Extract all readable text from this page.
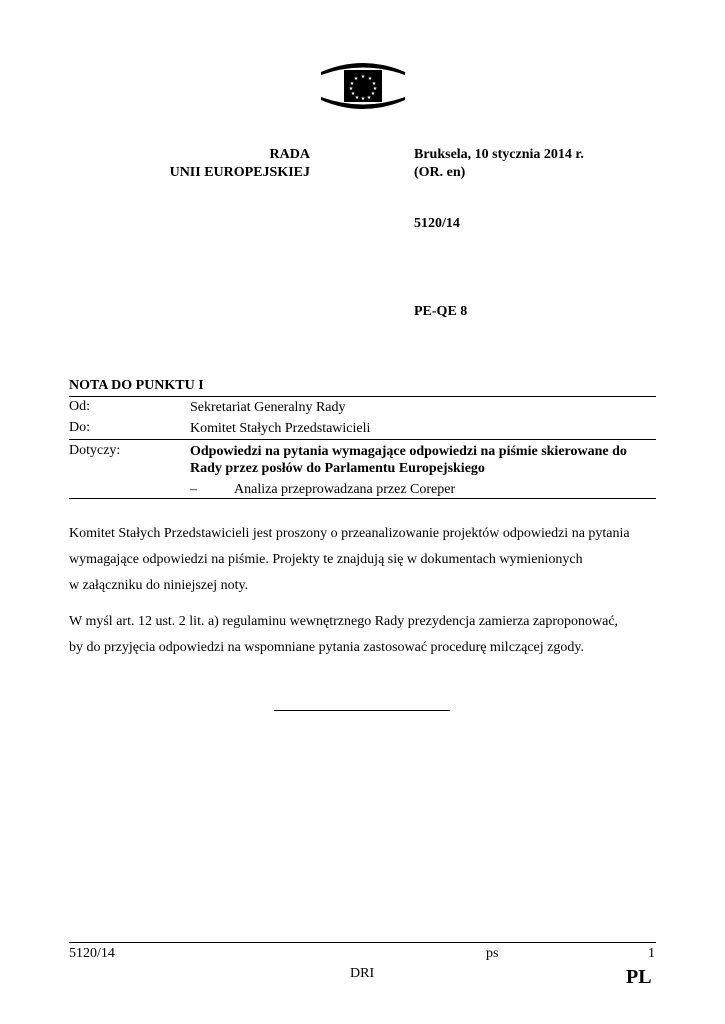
★ ★
★
★
★
★
★
★
★
★
★
★
RADA
UNII EUROPEJSKIEJ
Bruksela, 10 stycznia 2014 r.
(OR. en)
5120/14
PE-QE 8
NOTA DO PUNKTU I
Od:	Sekretariat Generalny Rady
Do:	Komitet Stałych Przedstawicieli
Dotyczy:	Odpowiedzi na pytania wymagające odpowiedzi na piśmie skierowane do
Rady przez posłów do Parlamentu Europejskiego
–	Analiza przeprowadzana przez Coreper
Komitet Stałych Przedstawicieli jest proszony o przeanalizowanie projektów odpowiedzi na pytania
wymagające odpowiedzi na piśmie. Projekty te znajdują się w dokumentach wymienionych
w załączniku do niniejszej noty.
W myśl art. 12 ust. 2 lit. a) regulaminu wewnętrznego Rady prezydencja zamierza zaproponować,
by do przyjęcia odpowiedzi na wspomniane pytania zastosować procedurę milczącej zgody.
5120/14	ps	1
DRI	PL
